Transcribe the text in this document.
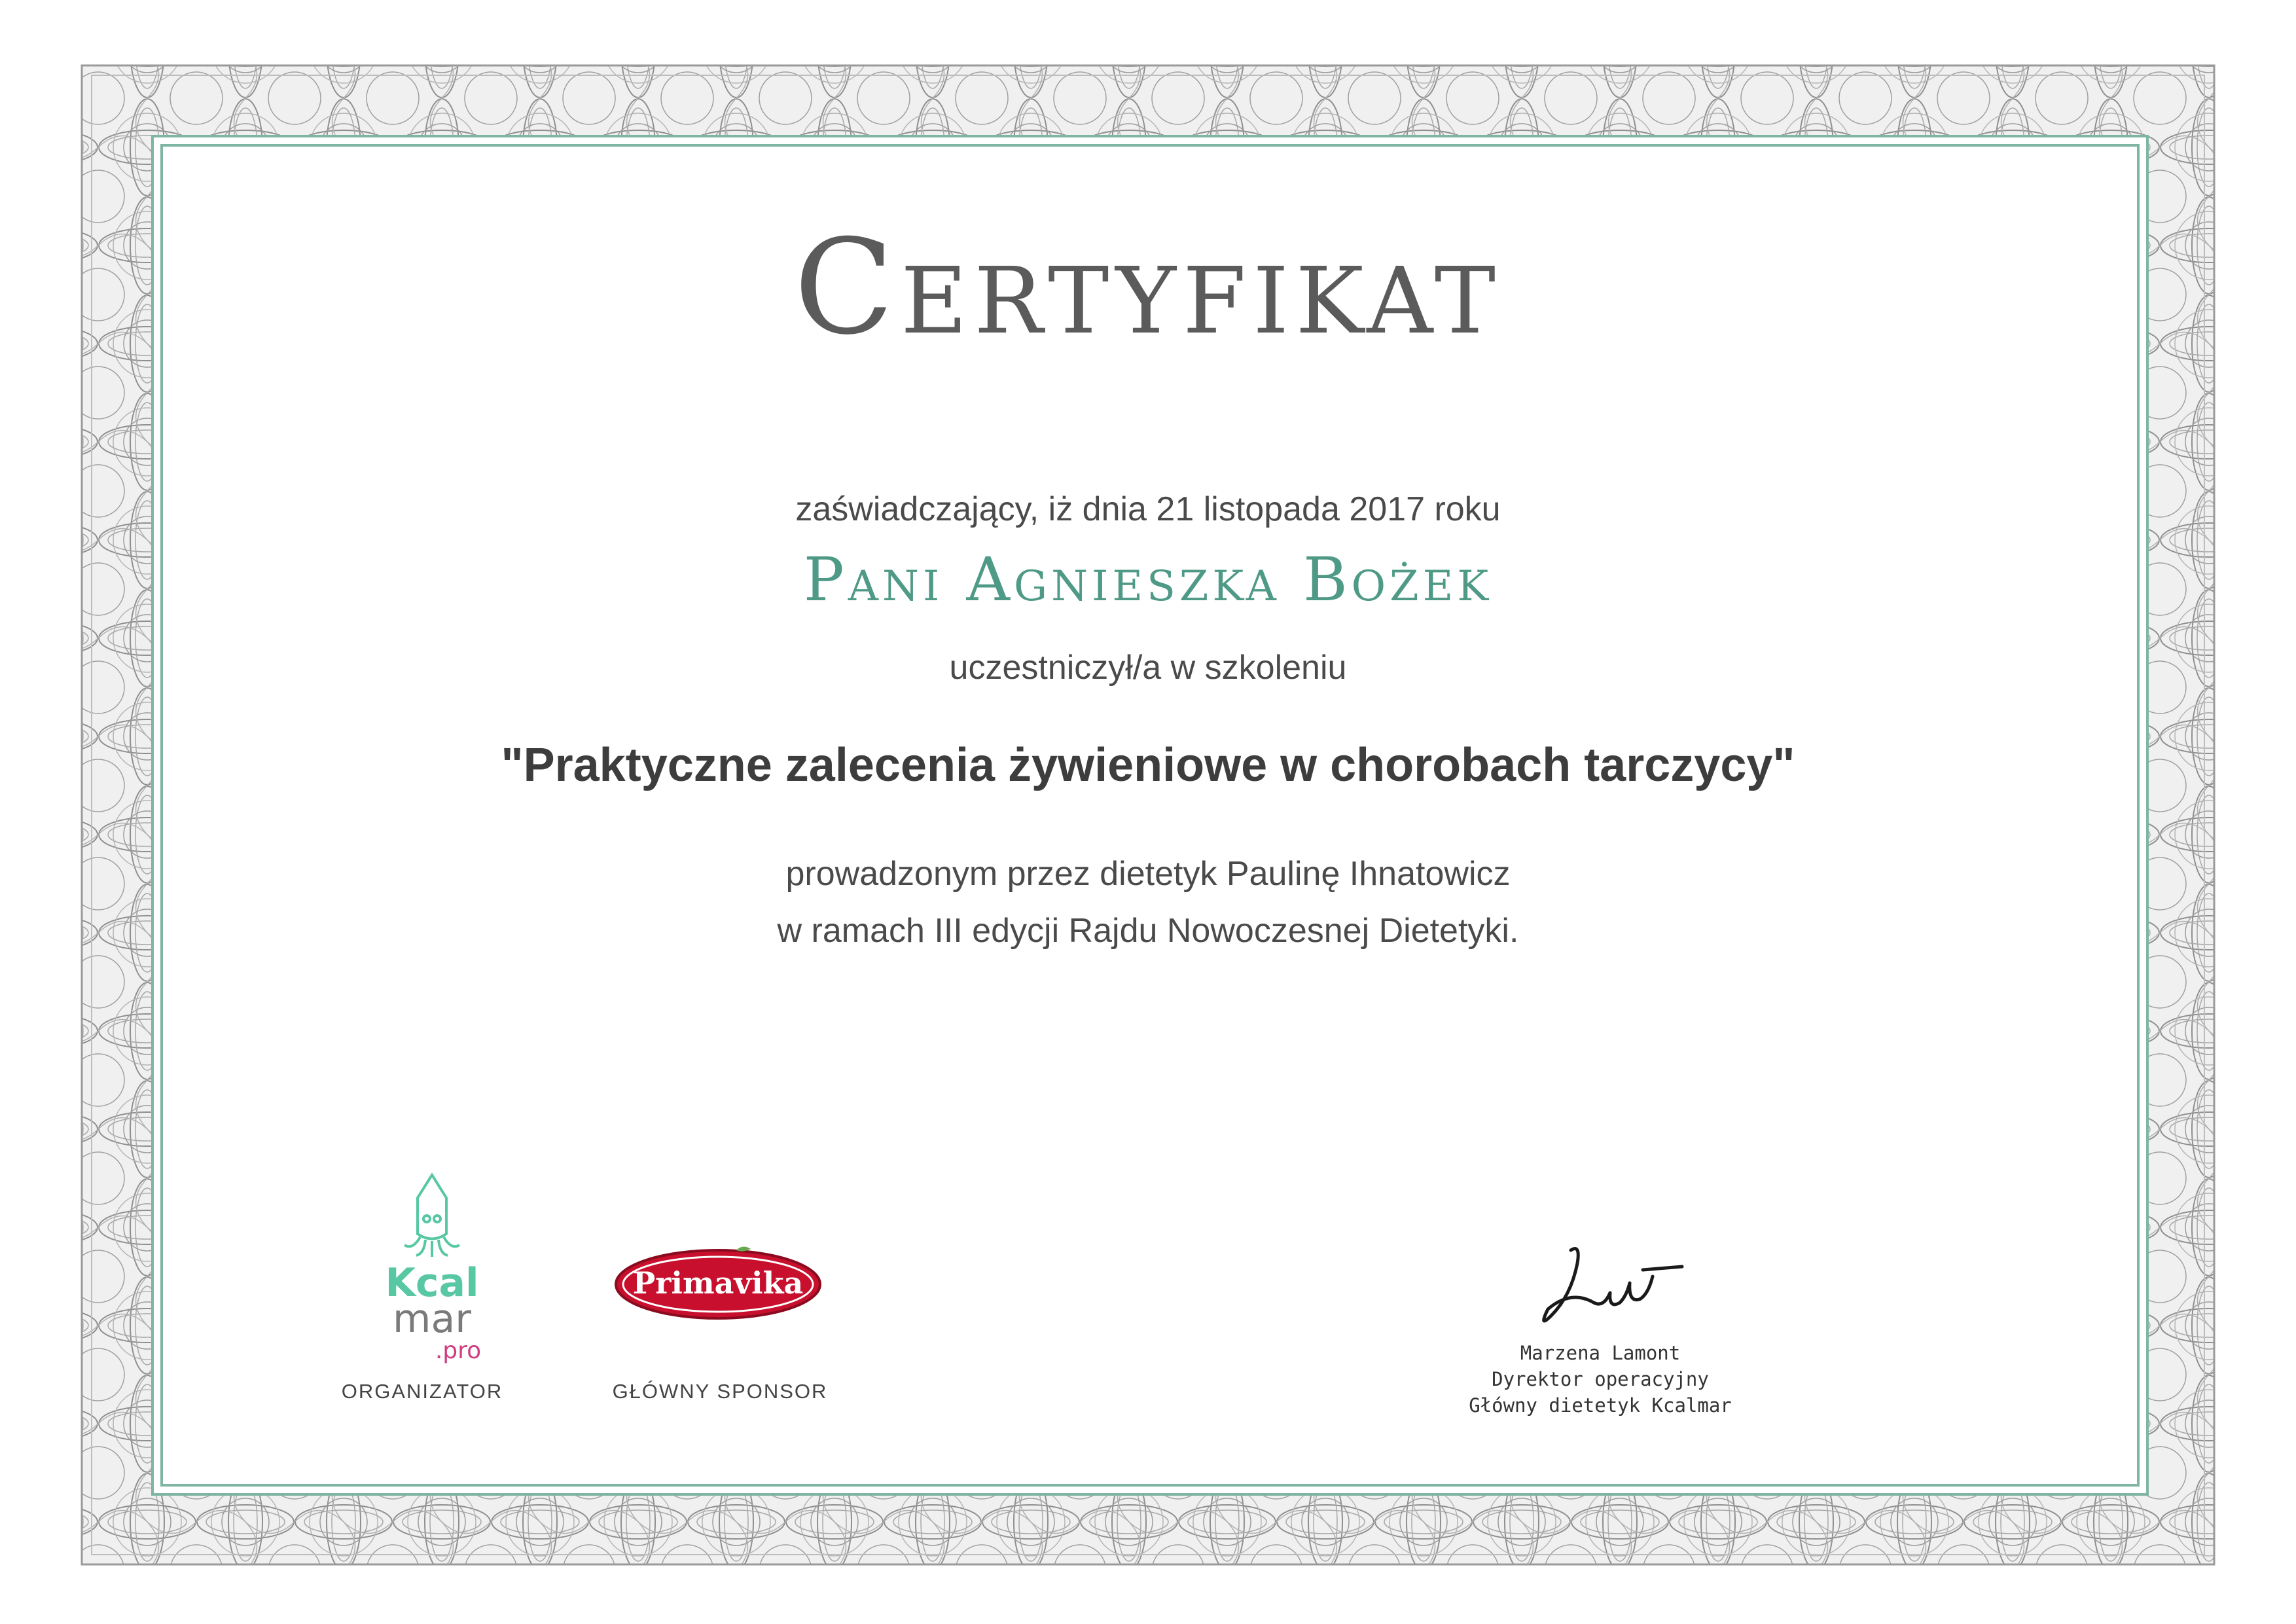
Certyfikat
zaświadczający, iż dnia 21 listopada 2017 roku
Pani Agnieszka Bożek
uczestniczył/a w szkoleniu
"Praktyczne zalecenia żywieniowe w chorobach tarczycy"
prowadzonym przez dietetyk Paulinę Ihnatowicz
w ramach III edycji Rajdu Nowoczesnej Dietetyki.
Kcal
mar
.pro
ORGANIZATOR
Primavika
GŁÓWNY SPONSOR
Marzena Lamont
Dyrektor operacyjny
Główny dietetyk Kcalmar
